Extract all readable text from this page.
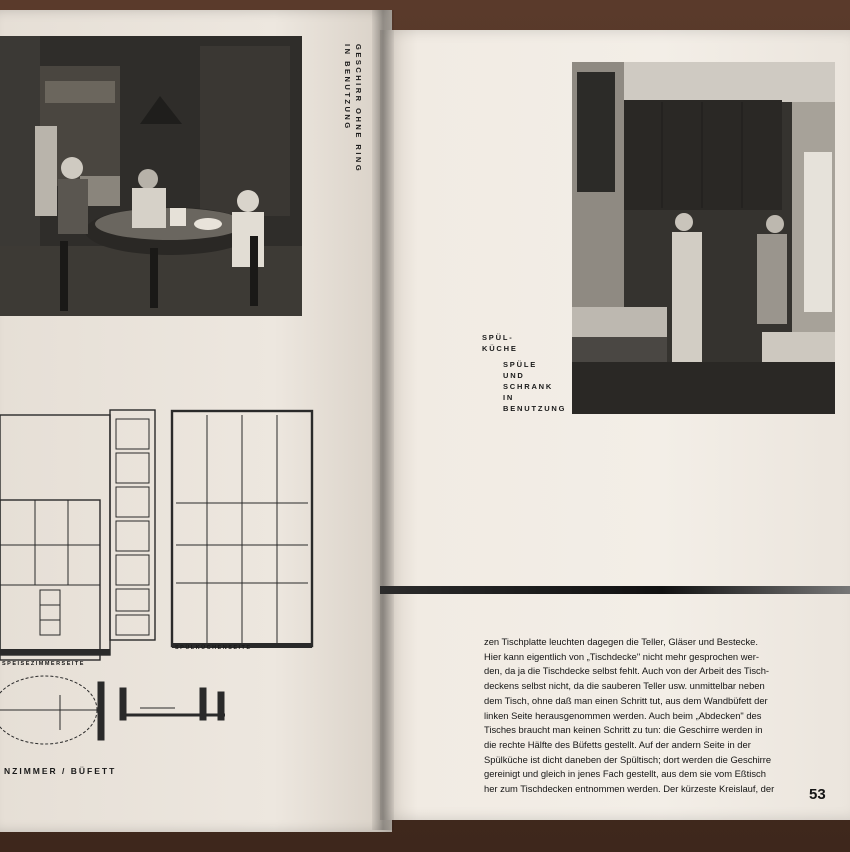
GESCHIRR OHNE RING
IN BENUTZUNG
SPEISEZIMMERSEITE
SPÜLKÜCHENSEITE
NZIMMER / BÜFETT
SPÜL-
KÜCHE
SPÜLE
UND
SCHRANK
IN
BENUTZUNG

zen Tischplatte leuchten dagegen die Teller, Gläser und Bestecke.

Hier kann eigentlich von „Tischdecke" nicht mehr gesprochen wer-

den, da ja die Tischdecke selbst fehlt. Auch von der Arbeit des Tisch-

deckens selbst nicht, da die sauberen Teller usw. unmittelbar neben

dem Tisch, ohne daß man einen Schritt tut, aus dem Wandbüfett der

linken Seite herausgenommen werden. Auch beim „Abdecken" des

Tisches braucht man keinen Schritt zu tun: die Geschirre werden in

die rechte Hälfte des Büfetts gestellt. Auf der andern Seite in der

Spülküche ist dicht daneben der Spültisch; dort werden die Geschirre

gereinigt und gleich in jenes Fach gestellt, aus dem sie vom Eßtisch

her zum Tischdecken entnommen werden. Der kürzeste Kreislauf, der	53
